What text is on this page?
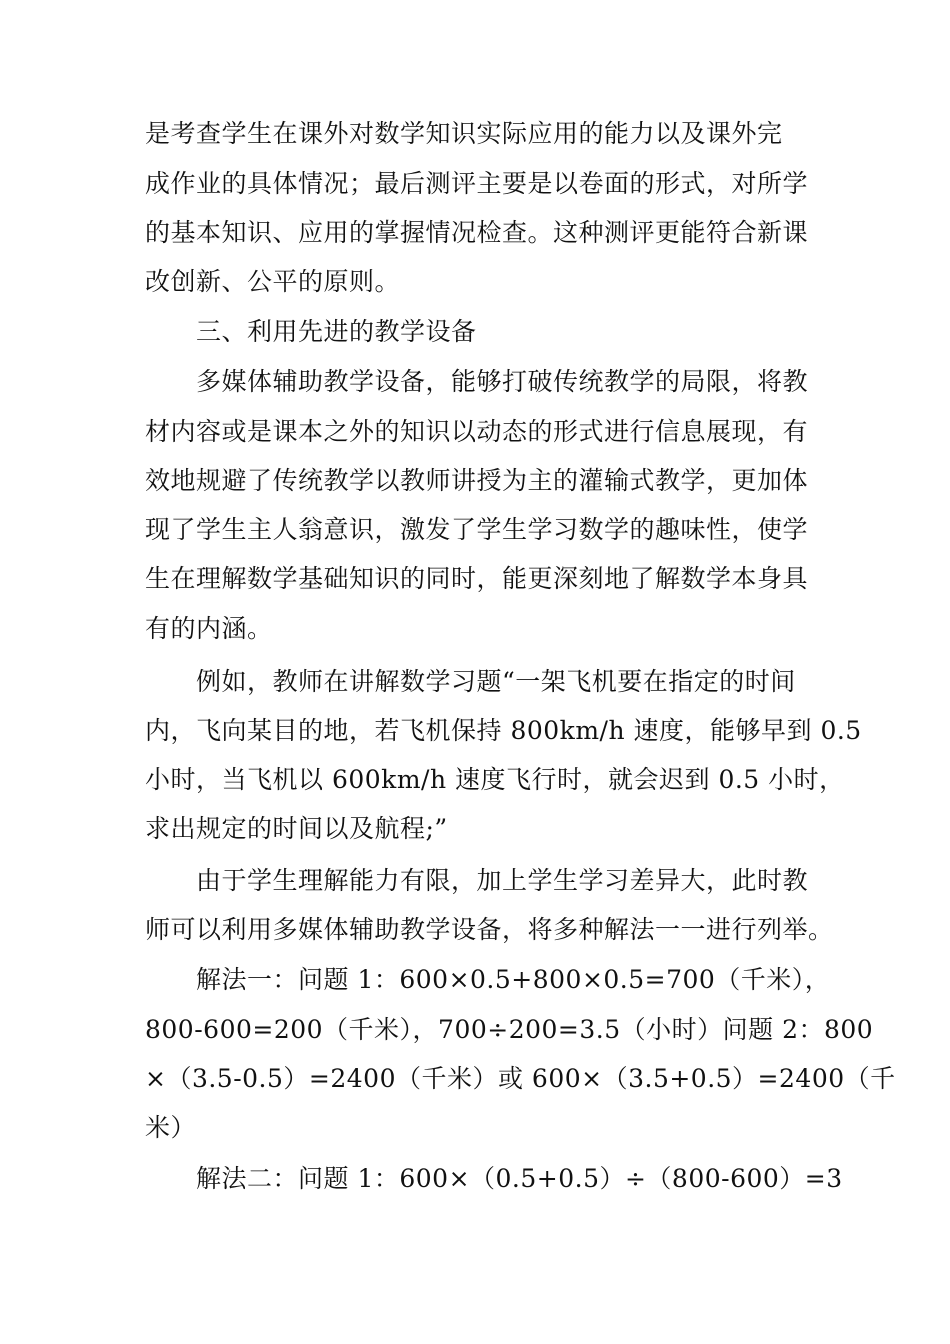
是考查学生在课外对数学知识实际应用的能力以及课外完
成作业的具体情况；最后测评主要是以卷面的形式，对所学
的基本知识、应用的掌握情况检查。这种测评更能符合新课
改创新、公平的原则。
三、利用先进的教学设备
多媒体辅助教学设备，能够打破传统教学的局限，将教
材内容或是课本之外的知识以动态的形式进行信息展现，有
效地规避了传统教学以教师讲授为主的灌输式教学，更加体
现了学生主人翁意识，激发了学生学习数学的趣味性，使学
生在理解数学基础知识的同时，能更深刻地了解数学本身具
有的内涵。
例如，教师在讲解数学习题“一架飞机要在指定的时间
内，飞向某目的地，若飞机保持 800km/h 速度，能够早到 0.5
小时，当飞机以 600km/h 速度飞行时，就会迟到 0.5 小时，
求出规定的时间以及航程;”
由于学生理解能力有限，加上学生学习差异大，此时教
师可以利用多媒体辅助教学设备，将多种解法一一进行列举。
解法一：问题 1：600×0.5+800×0.5=700（千米），
800-600=200（千米），700÷200=3.5（小时）问题 2：800
×（3.5-0.5）=2400（千米）或 600×（3.5+0.5）=2400（千
米）
解法二：问题 1：600×（0.5+0.5）÷（800-600）=3
